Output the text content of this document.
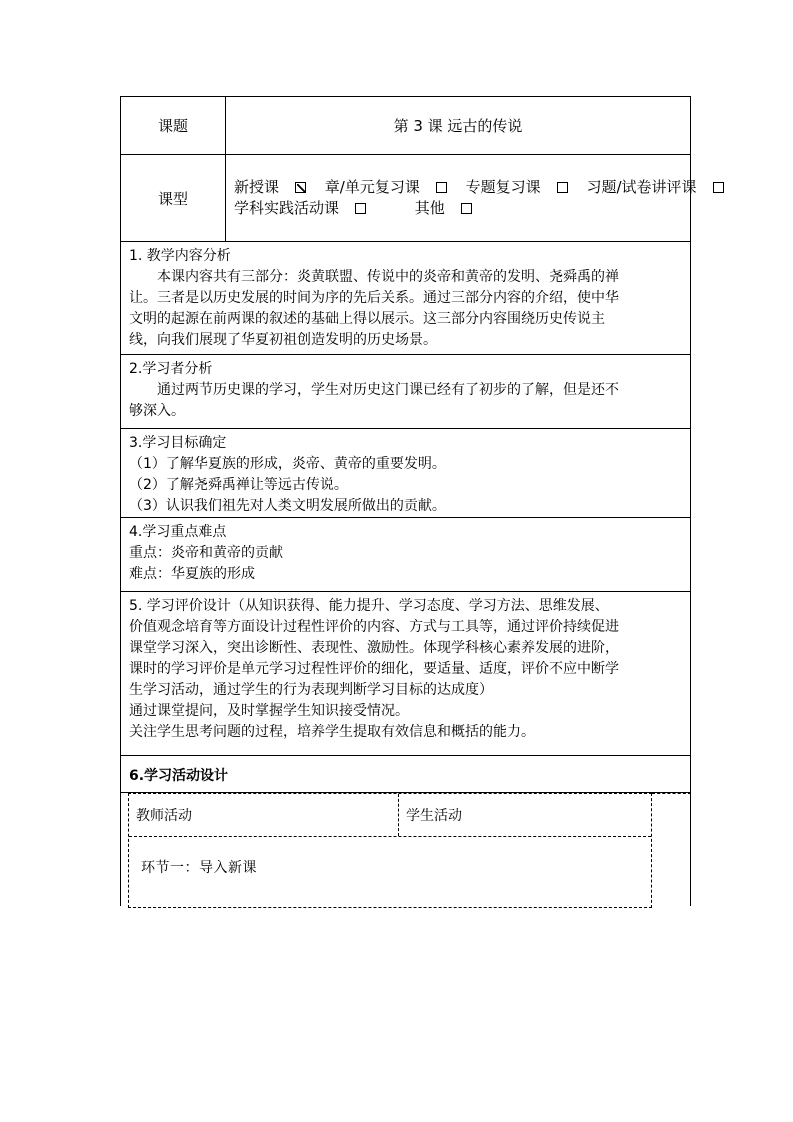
课题	第 3 课 远古的传说
课型
新授课	章/单元复习课	专题复习课	习题/试卷讲评课
学科实践活动课	其他

1. 教学内容分析

本课内容共有三部分：炎黄联盟、传说中的炎帝和黄帝的发明、尧舜禹的禅

让。三者是以历史发展的时间为序的先后关系。通过三部分内容的介绍，使中华

文明的起源在前两课的叙述的基础上得以展示。这三部分内容围绕历史传说主

线，向我们展现了华夏初祖创造发明的历史场景。

2.学习者分析

通过两节历史课的学习，学生对历史这门课已经有了初步的了解，但是还不

够深入。

3.学习目标确定

（1）了解华夏族的形成，炎帝、黄帝的重要发明。

（2）了解尧舜禹禅让等远古传说。

（3）认识我们祖先对人类文明发展所做出的贡献。

4.学习重点难点

重点：炎帝和黄帝的贡献

难点：华夏族的形成

5. 学习评价设计（从知识获得、能力提升、学习态度、学习方法、思维发展、

价值观念培育等方面设计过程性评价的内容、方式与工具等，通过评价持续促进

课堂学习深入，突出诊断性、表现性、激励性。体现学科核心素养发展的进阶，

课时的学习评价是单元学习过程性评价的细化，要适量、适度，评价不应中断学

生学习活动，通过学生的行为表现判断学习目标的达成度）

通过课堂提问，及时掌握学生知识接受情况。

关注学生思考问题的过程，培养学生提取有效信息和概括的能力。

6.学习活动设计
教师活动	学生活动
环节一：导入新课
